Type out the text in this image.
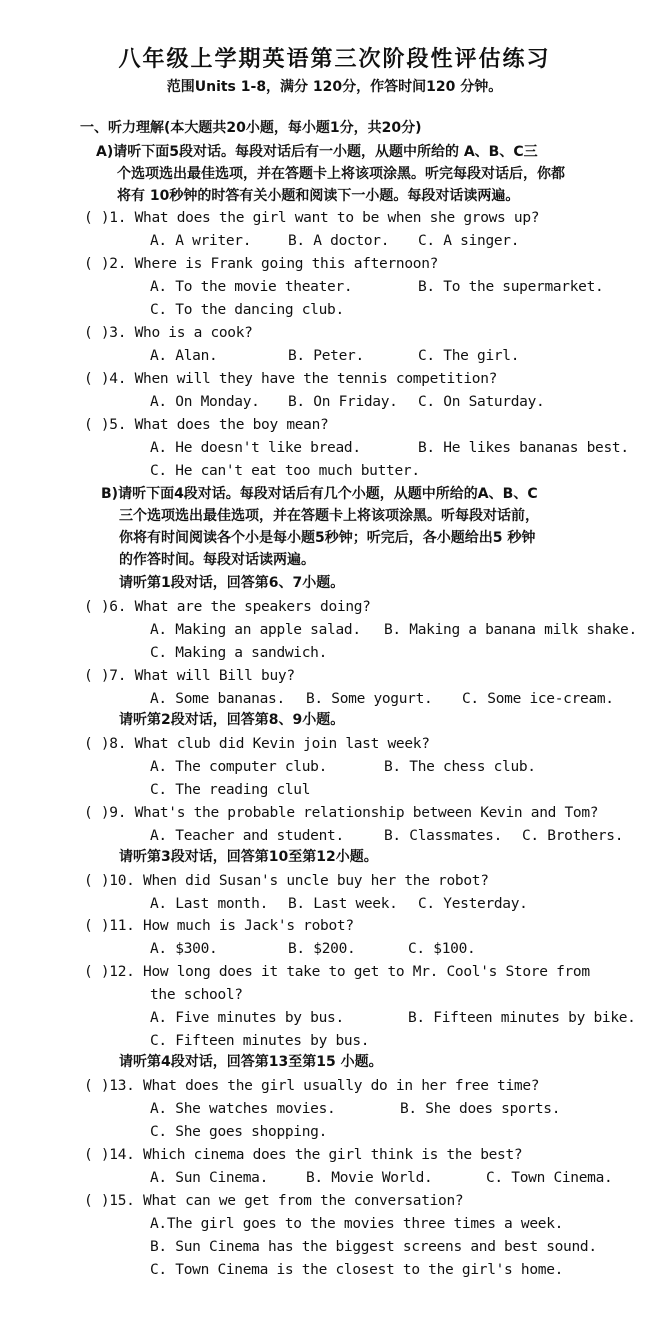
八年级上学期英语第三次阶段性评估练习
范围Units 1-8，满分 120分，作答时间120 分钟。
一、听力理解(本大题共20小题，每小题1分，共20分)
A)请听下面5段对话。每段对话后有一小题，从题中所给的 A、B、C三
个选项选出最佳选项，并在答题卡上将该项涂黑。听完每段对话后，你都
将有 10秒钟的时答有关小题和阅读下一小题。每段对话读两遍。
( )1. What does the girl want to be when she grows up?
A. A writer.	B. A doctor. C. A singer.
( )2. Where is Frank going this afternoon?
A. To the movie theater.	B. To the supermarket.
C. To the dancing club.
( )3. Who is a cook?
A. Alan.	B. Peter.	C. The girl.
( )4. When will they have the tennis competition?
A. On Monday. B. On Friday. C. On Saturday.
( )5. What does the boy mean?
A. He doesn't like bread.	B. He likes bananas best.
C. He can't eat too much butter.
B)请听下面4段对话。每段对话后有几个小题，从题中所给的A、B、C
三个选项选出最佳选项，并在答题卡上将该项涂黑。听每段对话前，
你将有时间阅读各个小是每小题5秒钟；听完后，各小题给出5 秒钟
的作答时间。每段对话读两遍。
请听第1段对话，回答第6、7小题。
( )6. What are the speakers doing?
A. Making an apple salad. B. Making a banana milk shake.
C. Making a sandwich.
( )7. What will Bill buy?
A. Some bananas. B. Some yogurt. C. Some ice-cream.
请听第2段对话，回答第8、9小题。
( )8. What club did Kevin join last week?
A. The computer club.	B. The chess club.
C. The reading clul
( )9. What's the probable relationship between Kevin and Tom?
A. Teacher and student.	B. Classmates. C. Brothers.
请听第3段对话，回答第10至第12小题。
( )10. When did Susan's uncle buy her the robot?
A. Last month. B. Last week. C. Yesterday.
( )11. How much is Jack's robot?
A. $300.	B. $200.	C. $100.
( )12. How long does it take to get to Mr. Cool's Store from
the school?
A. Five minutes by bus.	B. Fifteen minutes by bike.
C. Fifteen minutes by bus.
请听第4段对话，回答第13至第15 小题。
( )13. What does the girl usually do in her free time?
A. She watches movies.	B. She does sports.
C. She goes shopping.
( )14. Which cinema does the girl think is the best?
A. Sun Cinema.	B. Movie World.	C. Town Cinema.
( )15. What can we get from the conversation?
A.The girl goes to the movies three times a week.
B. Sun Cinema has the biggest screens and best sound.
C. Town Cinema is the closest to the girl's home.
